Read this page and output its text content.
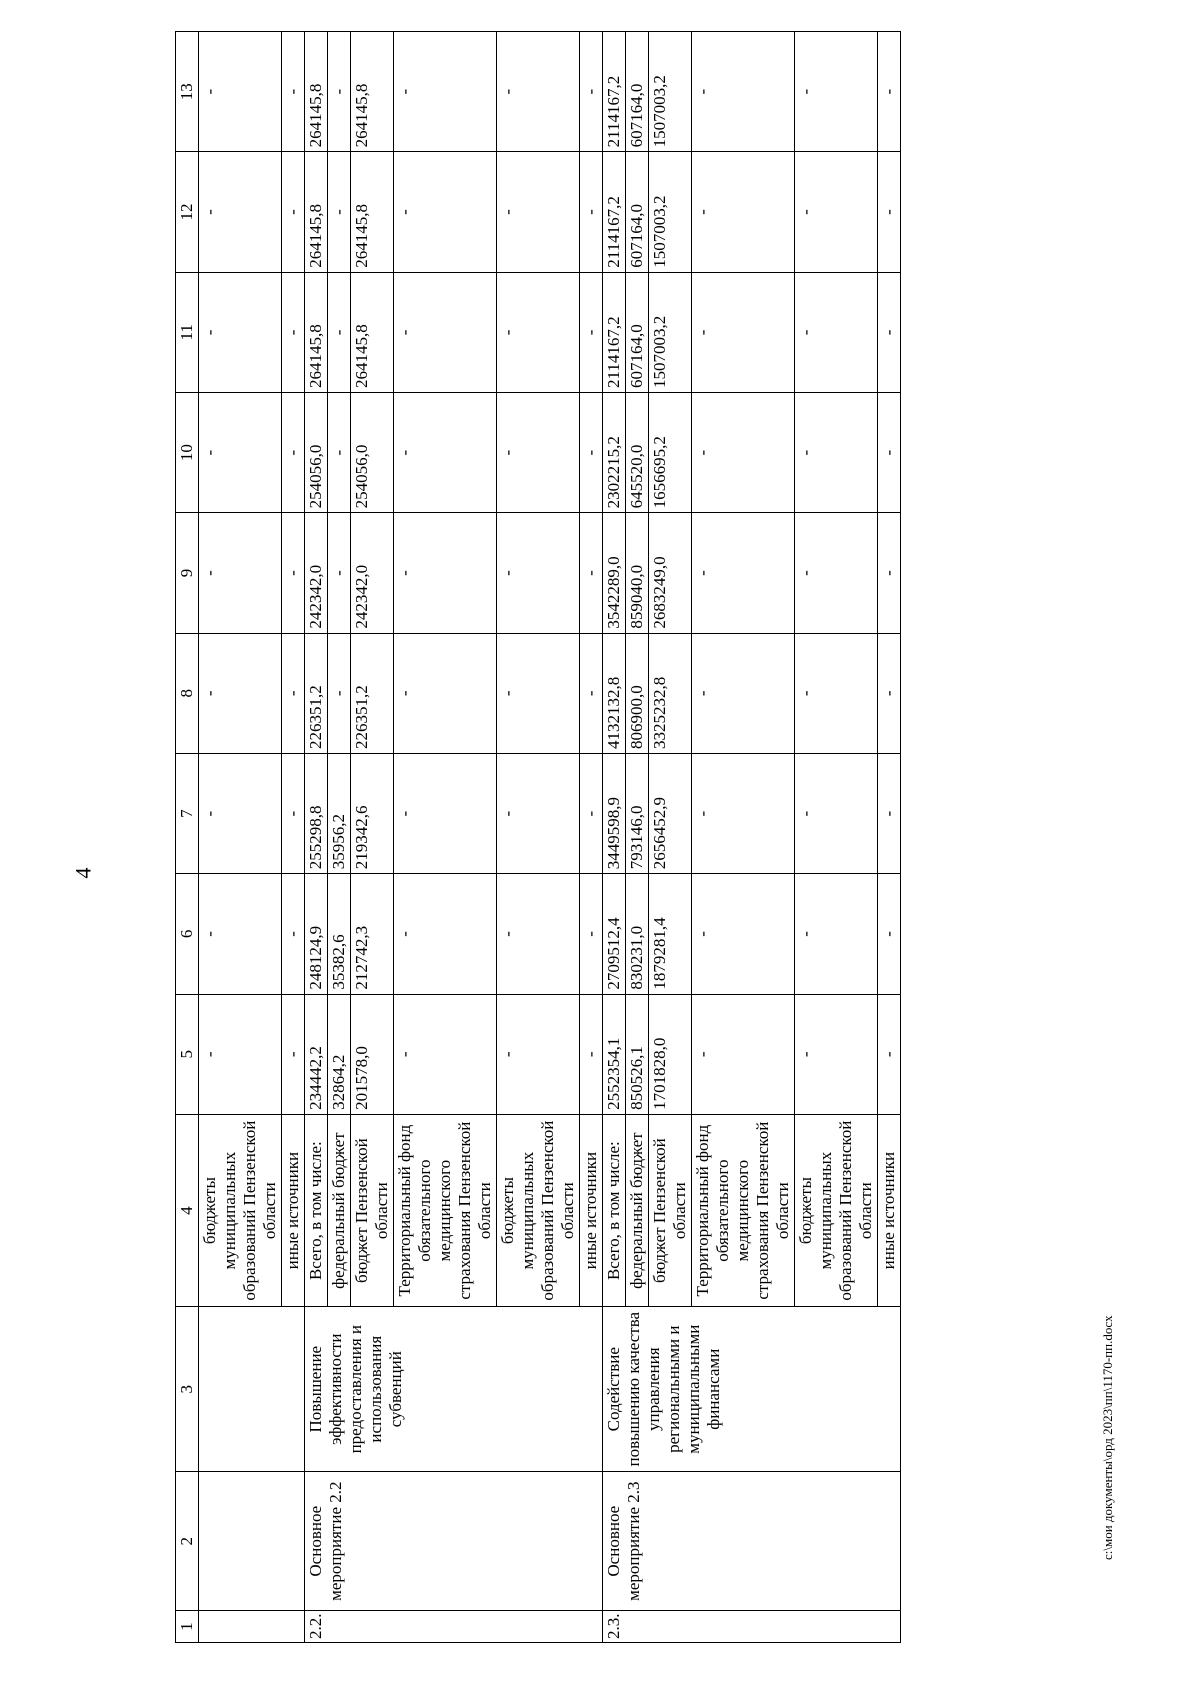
4
1	2	3	4	5	6	7	8	9	10	11	12	13
			бюджеты муниципальных образований Пензенской области	-	-	-	-	-	-	-	-	-
			иные источники	-	-	-	-	-	-	-	-	-
2.2.	Основное мероприятие 2.2	Повышение эффективности предоставления и использования субвенций	Всего, в том числе:	234442,2	248124,9	255298,8	226351,2	242342,0	254056,0	264145,8	264145,8	264145,8
			федеральный бюджет	32864,2	35382,6	35956,2	-	-	-	-	-	-
			бюджет Пензенской области	201578,0	212742,3	219342,6	226351,2	242342,0	254056,0	264145,8	264145,8	264145,8
			Территориальный фонд обязательного медицинского страхования Пензенской области	-	-	-	-	-	-	-	-	-
			бюджеты муниципальных образований Пензенской области	-	-	-	-	-	-	-	-	-
			иные источники	-	-	-	-	-	-	-	-	-
2.3.	Основное мероприятие 2.3	Содействие повышению качества управления региональными и муниципальными финансами	Всего, в том числе:	2552354,1	2709512,4	3449598,9	4132132,8	3542289,0	2302215,2	2114167,2	2114167,2	2114167,2
			федеральный бюджет	850526,1	830231,0	793146,0	806900,0	859040,0	645520,0	607164,0	607164,0	607164,0
			бюджет Пензенской области	1701828,0	1879281,4	2656452,9	3325232,8	2683249,0	1656695,2	1507003,2	1507003,2	1507003,2
			Территориальный фонд обязательного медицинского страхования Пензенской области	-	-	-	-	-	-	-	-	-
			бюджеты муниципальных образований Пензенской области	-	-	-	-	-	-	-	-	-
			иные источники	-	-	-	-	-	-	-	-	-
c:\мои документы\орд 2023\пп\1170-пп.docx
